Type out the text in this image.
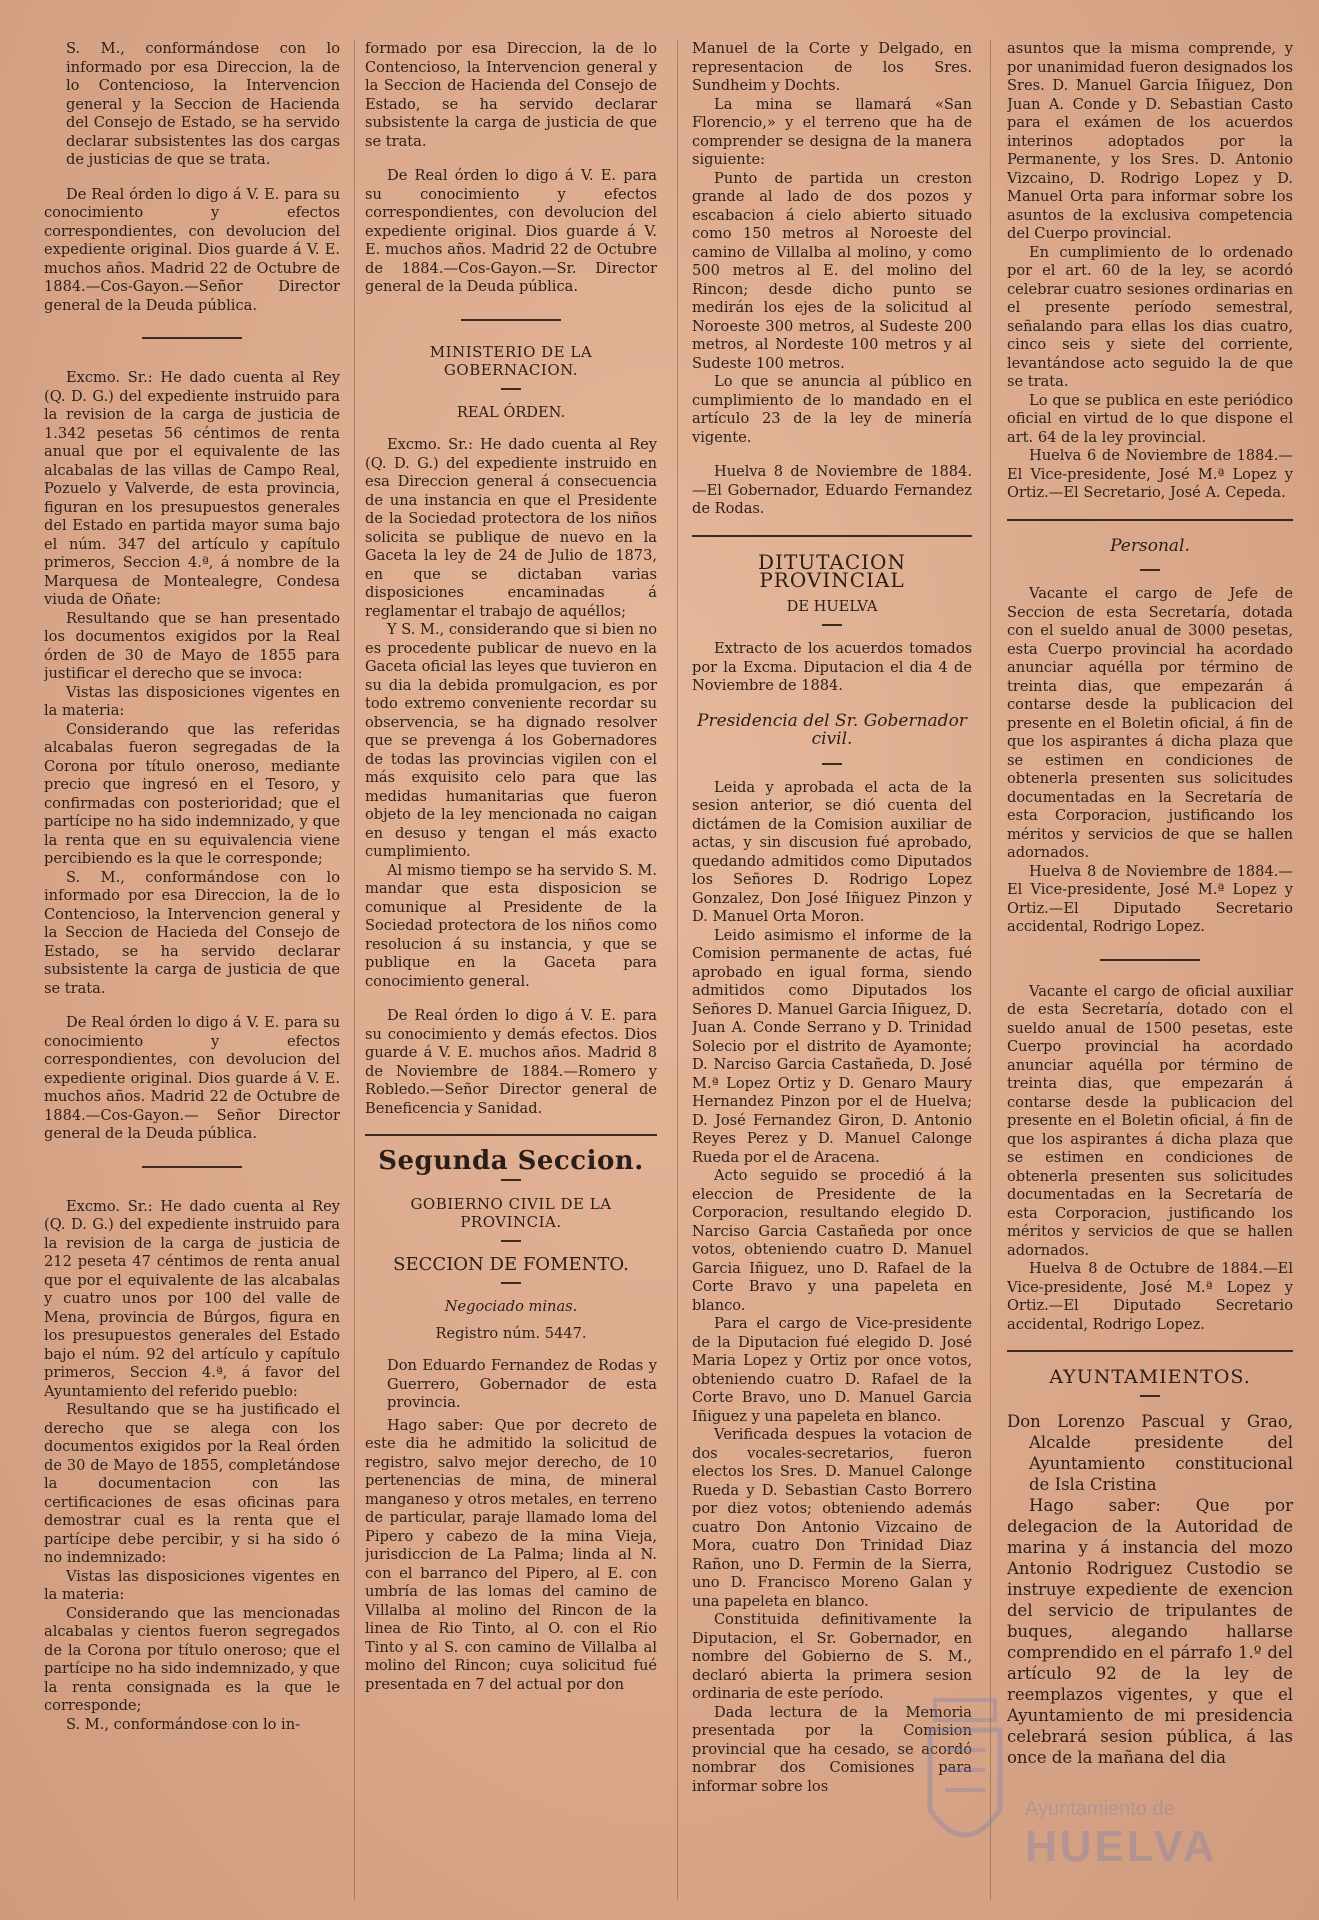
S. M., conformándose con lo informado por esa Direccion, la de lo Contencioso, la Intervencion general y la Seccion de Hacienda del Consejo de Estado, se ha servido declarar subsistentes las dos cargas de justicias de que se trata.

De Real órden lo digo á V. E. para su conocimiento y efectos correspondientes, con devolucion del expediente original. Dios guarde á V. E. muchos años. Madrid 22 de Octubre de 1884.—Cos-Gayon.—Señor Director general de la Deuda pública.

Excmo. Sr.: He dado cuenta al Rey (Q. D. G.) del expediente instruido para la revision de la carga de justicia de 1.342 pesetas 56 céntimos de renta anual que por el equivalente de las alcabalas de las villas de Campo Real, Pozuelo y Valverde, de esta provincia, figuran en los presupuestos generales del Estado en partida mayor suma bajo el núm. 347 del artículo y capítulo primeros, Seccion 4.ª, á nombre de la Marquesa de Montealegre, Condesa viuda de Oñate:

Resultando que se han presentado los documentos exigidos por la Real órden de 30 de Mayo de 1855 para justificar el derecho que se invoca:

Vistas las disposiciones vigentes en la materia:

Considerando que las referidas alcabalas fueron segregadas de la Corona por título oneroso, mediante precio que ingresó en el Tesoro, y confirmadas con posterioridad; que el partícipe no ha sido indemnizado, y que la renta que en su equivalencia viene percibiendo es la que le corresponde;

S. M., conformándose con lo informado por esa Direccion, la de lo Contencioso, la Intervencion general y la Seccion de Hacieda del Consejo de Estado, se ha servido declarar subsistente la carga de justicia de que se trata.

De Real órden lo digo á V. E. para su conocimiento y efectos correspondientes, con devolucion del expediente original. Dios guarde á V. E. muchos años. Madrid 22 de Octubre de 1884.—Cos-Gayon.— Señor Director general de la Deuda pública.

Excmo. Sr.: He dado cuenta al Rey (Q. D. G.) del expediente instruido para la revision de la carga de justicia de 212 peseta 47 céntimos de renta anual que por el equivalente de las alcabalas y cuatro unos por 100 del valle de Mena, provincia de Búrgos, figura en los presupuestos generales del Estado bajo el núm. 92 del artículo y capítulo primeros, Seccion 4.ª, á favor del Ayuntamiento del referido pueblo:

Resultando que se ha justificado el derecho que se alega con los documentos exigidos por la Real órden de 30 de Mayo de 1855, completándose la documentacion con las certificaciones de esas oficinas para demostrar cual es la renta que el partícipe debe percibir, y si ha sido ó no indemnizado:

Vistas las disposiciones vigentes en la materia:

Considerando que las mencionadas alcabalas y cientos fueron segregados de la Corona por título oneroso; que el partícipe no ha sido indemnizado, y que la renta consignada es la que le corresponde;

S. M., conformándose con lo in-

formado por esa Direccion, la de lo Contencioso, la Intervencion general y la Seccion de Hacienda del Consejo de Estado, se ha servido declarar subsistente la carga de justicia de que se trata.

De Real órden lo digo á V. E. para su conocimiento y efectos correspondientes, con devolucion del expediente original. Dios guarde á V. E. muchos años. Madrid 22 de Octubre de 1884.—Cos-Gayon.—Sr. Director general de la Deuda pública.

MINISTERIO DE LA GOBERNACION.

REAL ÓRDEN.

Excmo. Sr.: He dado cuenta al Rey (Q. D. G.) del expediente instruido en esa Direccion general á consecuencia de una instancia en que el Presidente de la Sociedad protectora de los niños solicita se publique de nuevo en la Gaceta la ley de 24 de Julio de 1873, en que se dictaban varias disposiciones encaminadas á reglamentar el trabajo de aquéllos;

Y S. M., considerando que si bien no es procedente publicar de nuevo en la Gaceta oficial las leyes que tuvieron en su dia la debida promulgacion, es por todo extremo conveniente recordar su observencia, se ha dignado resolver que se prevenga á los Gobernadores de todas las provincias vigilen con el más exquisito celo para que las medidas humanitarias que fueron objeto de la ley mencionada no caigan en desuso y tengan el más exacto cumplimiento.

Al mismo tiempo se ha servido S. M. mandar que esta disposicion se comunique al Presidente de la Sociedad protectora de los niños como resolucion á su instancia, y que se publique en la Gaceta para conocimiento general.

De Real órden lo digo á V. E. para su conocimiento y demás efectos. Dios guarde á V. E. muchos años. Madrid 8 de Noviembre de 1884.—Romero y Robledo.—Señor Director general de Beneficencia y Sanidad.

Segunda Seccion.

GOBIERNO CIVIL DE LA PROVINCIA.

SECCION DE FOMENTO.

Negociado minas.

Registro núm. 5447.

Don Eduardo Fernandez de Rodas y Guerrero, Gobernador de esta provincia.

Hago saber: Que por decreto de este dia he admitido la solicitud de registro, salvo mejor derecho, de 10 pertenencias de mina, de mineral manganeso y otros metales, en terreno de particular, paraje llamado loma del Pipero y cabezo de la mina Vieja, jurisdiccion de La Palma; linda al N. con el barranco del Pipero, al E. con umbría de las lomas del camino de Villalba al molino del Rincon de la linea de Rio Tinto, al O. con el Rio Tinto y al S. con camino de Villalba al molino del Rincon; cuya solicitud fué presentada en 7 del actual por don

Manuel de la Corte y Delgado, en representacion de los Sres. Sundheim y Dochts.

La mina se llamará «San Florencio,» y el terreno que ha de comprender se designa de la manera siguiente:

Punto de partida un creston grande al lado de dos pozos y escabacion á cielo abierto situado como 150 metros al Noroeste del camino de Villalba al molino, y como 500 metros al E. del molino del Rincon; desde dicho punto se medirán los ejes de la solicitud al Noroeste 300 metros, al Sudeste 200 metros, al Nordeste 100 metros y al Sudeste 100 metros.

Lo que se anuncia al público en cumplimiento de lo mandado en el artículo 23 de la ley de minería vigente.

Huelva 8 de Noviembre de 1884.—El Gobernador, Eduardo Fernandez de Rodas.

DITUTACION PROVINCIAL

DE HUELVA

Extracto de los acuerdos tomados por la Excma. Diputacion el dia 4 de Noviembre de 1884.

Presidencia del Sr. Gobernador civil.

Leida y aprobada el acta de la sesion anterior, se dió cuenta del dictámen de la Comision auxiliar de actas, y sin discusion fué aprobado, quedando admitidos como Diputados los Señores D. Rodrigo Lopez Gonzalez, Don José Iñiguez Pinzon y D. Manuel Orta Moron.

Leido asimismo el informe de la Comision permanente de actas, fué aprobado en igual forma, siendo admitidos como Diputados los Señores D. Manuel Garcia Iñiguez, D. Juan A. Conde Serrano y D. Trinidad Solecio por el distrito de Ayamonte; D. Narciso Garcia Castañeda, D. José M.ª Lopez Ortiz y D. Genaro Maury Hernandez Pinzon por el de Huelva; D. José Fernandez Giron, D. Antonio Reyes Perez y D. Manuel Calonge Rueda por el de Aracena.

Acto seguido se procedió á la eleccion de Presidente de la Corporacion, resultando elegido D. Narciso Garcia Castañeda por once votos, obteniendo cuatro D. Manuel Garcia Iñiguez, uno D. Rafael de la Corte Bravo y una papeleta en blanco.

Para el cargo de Vice-presidente de la Diputacion fué elegido D. José Maria Lopez y Ortiz por once votos, obteniendo cuatro D. Rafael de la Corte Bravo, uno D. Manuel Garcia Iñiguez y una papeleta en blanco.

Verificada despues la votacion de dos vocales-secretarios, fueron electos los Sres. D. Manuel Calonge Rueda y D. Sebastian Casto Borrero por diez votos; obteniendo además cuatro Don Antonio Vizcaino de Mora, cuatro Don Trinidad Diaz Rañon, uno D. Fermin de la Sierra, uno D. Francisco Moreno Galan y una papeleta en blanco.

Constituida definitivamente la Diputacion, el Sr. Gobernador, en nombre del Gobierno de S. M., declaró abierta la primera sesion ordinaria de este período.

Dada lectura de la Memoria presentada por la Comision provincial que ha cesado, se acordó nombrar dos Comisiones para informar sobre los

asuntos que la misma comprende, y por unanimidad fueron designados los Sres. D. Manuel Garcia Iñiguez, Don Juan A. Conde y D. Sebastian Casto para el exámen de los acuerdos interinos adoptados por la Permanente, y los Sres. D. Antonio Vizcaino, D. Rodrigo Lopez y D. Manuel Orta para informar sobre los asuntos de la exclusiva competencia del Cuerpo provincial.

En cumplimiento de lo ordenado por el art. 60 de la ley, se acordó celebrar cuatro sesiones ordinarias en el presente período semestral, señalando para ellas los dias cuatro, cinco seis y siete del corriente, levantándose acto seguido la de que se trata.

Lo que se publica en este periódico oficial en virtud de lo que dispone el art. 64 de la ley provincial.

Huelva 6 de Noviembre de 1884.—El Vice-presidente, José M.ª Lopez y Ortiz.—El Secretario, José A. Cepeda.

Personal.

Vacante el cargo de Jefe de Seccion de esta Secretaría, dotada con el sueldo anual de 3000 pesetas, esta Cuerpo provincial ha acordado anunciar aquélla por término de treinta dias, que empezarán á contarse desde la publicacion del presente en el Boletin oficial, á fin de que los aspirantes á dicha plaza que se estimen en condiciones de obtenerla presenten sus solicitudes documentadas en la Secretaría de esta Corporacion, justificando los méritos y servicios de que se hallen adornados.

Huelva 8 de Noviembre de 1884.—El Vice-presidente, José M.ª Lopez y Ortiz.—El Diputado Secretario accidental, Rodrigo Lopez.

Vacante el cargo de oficial auxiliar de esta Secretaría, dotado con el sueldo anual de 1500 pesetas, este Cuerpo provincial ha acordado anunciar aquélla por término de treinta dias, que empezarán á contarse desde la publicacion del presente en el Boletin oficial, á fin de que los aspirantes á dicha plaza que se estimen en condiciones de obtenerla presenten sus solicitudes documentadas en la Secretaría de esta Corporacion, justificando los méritos y servicios de que se hallen adornados.

Huelva 8 de Octubre de 1884.—El Vice-presidente, José M.ª Lopez y Ortiz.—El Diputado Secretario accidental, Rodrigo Lopez.

AYUNTAMIENTOS.

Don Lorenzo Pascual y Grao, Alcalde presidente del Ayuntamiento constitucional de Isla Cristina

Hago saber: Que por delegacion de la Autoridad de marina y á instancia del mozo Antonio Rodriguez Custodio se instruye expediente de exencion del servicio de tripulantes de buques, alegando hallarse comprendido en el párrafo 1.º del artículo 92 de la ley de reemplazos vigentes, y que el Ayuntamiento de mi presidencia celebrará sesion pública, á las once de la mañana del dia

Ayuntamiento de
HUELVA
